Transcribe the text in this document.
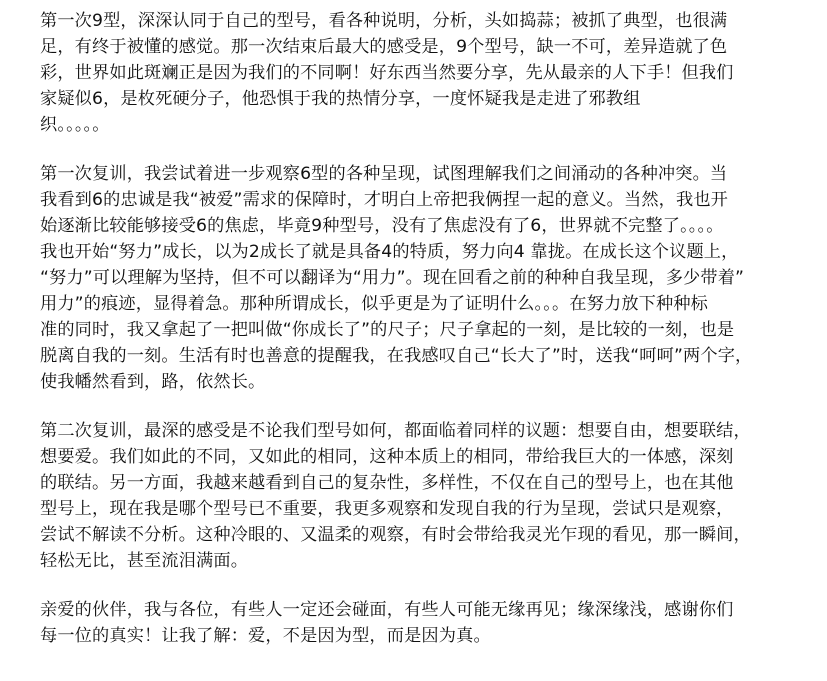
第一次9型，深深认同于自己的型号，看各种说明，分析，头如捣蒜；被抓了典型，也很满
足，有终于被懂的感觉。那一次结束后最大的感受是，9个型号，缺一不可，差异造就了色
彩，世界如此斑斓正是因为我们的不同啊！好东西当然要分享，先从最亲的人下手！但我们
家疑似6，是枚死硬分子，他恐惧于我的热情分享，一度怀疑我是走进了邪教组
织。。。。。

第一次复训，我尝试着进一步观察6型的各种呈现，试图理解我们之间涌动的各种冲突。当
我看到6的忠诚是我“被爱”需求的保障时，才明白上帝把我俩捏一起的意义。当然，我也开
始逐渐比较能够接受6的焦虑，毕竟9种型号，没有了焦虑没有了6，世界就不完整了。。。。
我也开始“努力”成长，以为2成长了就是具备4的特质，努力向4 靠拢。在成长这个议题上，
“努力”可以理解为坚持，但不可以翻译为“用力”。现在回看之前的种种自我呈现，多少带着”
用力”的痕迹，显得着急。那种所谓成长，似乎更是为了证明什么。。。在努力放下种种标
准的同时，我又拿起了一把叫做“你成长了”的尺子；尺子拿起的一刻，是比较的一刻，也是
脱离自我的一刻。生活有时也善意的提醒我，在我感叹自己“长大了”时，送我“呵呵”两个字，
使我幡然看到，路，依然长。

第二次复训，最深的感受是不论我们型号如何，都面临着同样的议题：想要自由，想要联结，
想要爱。我们如此的不同，又如此的相同，这种本质上的相同，带给我巨大的一体感，深刻
的联结。另一方面，我越来越看到自己的复杂性，多样性，不仅在自己的型号上，也在其他
型号上，现在我是哪个型号已不重要，我更多观察和发现自我的行为呈现，尝试只是观察，
尝试不解读不分析。这种冷眼的、又温柔的观察，有时会带给我灵光乍现的看见，那一瞬间，
轻松无比，甚至流泪满面。

亲爱的伙伴，我与各位，有些人一定还会碰面，有些人可能无缘再见；缘深缘浅，感谢你们
每一位的真实！让我了解：爱，不是因为型，而是因为真。
